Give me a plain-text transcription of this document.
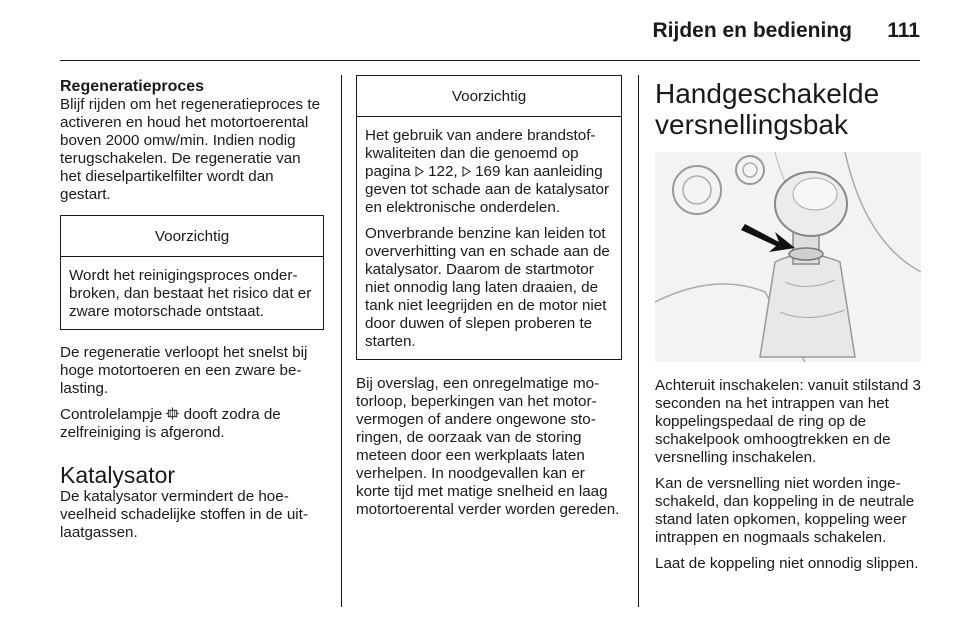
Rijden en bediening 111

Regeneratieproces

Blijf rijden om het regeneratieproces te activeren en houd het motortoerental boven 2000 omw/min. Indien nodig terugschakelen. De regeneratie van het dieselpartikelfilter wordt dan gestart.

Voorzichtig

Wordt het reinigingsproces onderbroken, dan bestaat het risico dat er zware motorschade ontstaat.

De regeneratie verloopt het snelst bij hoge motortoeren en een zware belasting.

Controlelampje dooft zodra de zelfreiniging is afgerond.

Katalysator

De katalysator vermindert de hoeveelheid schadelijke stoffen in de uitlaatgassen.

Voorzichtig

Het gebruik van andere brandstofkwaliteiten dan die genoemd op pagina 122, 169 kan aanleiding geven tot schade aan de katalysator en elektronische onderdelen.

Onverbrande benzine kan leiden tot oververhitting van en schade aan de katalysator. Daarom de startmotor niet onnodig lang laten draaien, de tank niet leegrijden en de motor niet door duwen of slepen proberen te starten.

Bij overslag, een onregelmatige motorloop, beperkingen van het motorvermogen of andere ongewone storingen, de oorzaak van de storing meteen door een werkplaats laten verhelpen. In noodgevallen kan er korte tijd met matige snelheid en laag motortoerental verder worden gereden.

Handgeschakelde versnellingsbak

Achteruit inschakelen: vanuit stilstand 3 seconden na het intrappen van het koppelingspedaal de ring op de schakelpook omhoogtrekken en de versnelling inschakelen.

Kan de versnelling niet worden ingeschakeld, dan koppeling in de neutrale stand laten opkomen, koppeling weer intrappen en nogmaals schakelen.

Laat de koppeling niet onnodig slippen.
